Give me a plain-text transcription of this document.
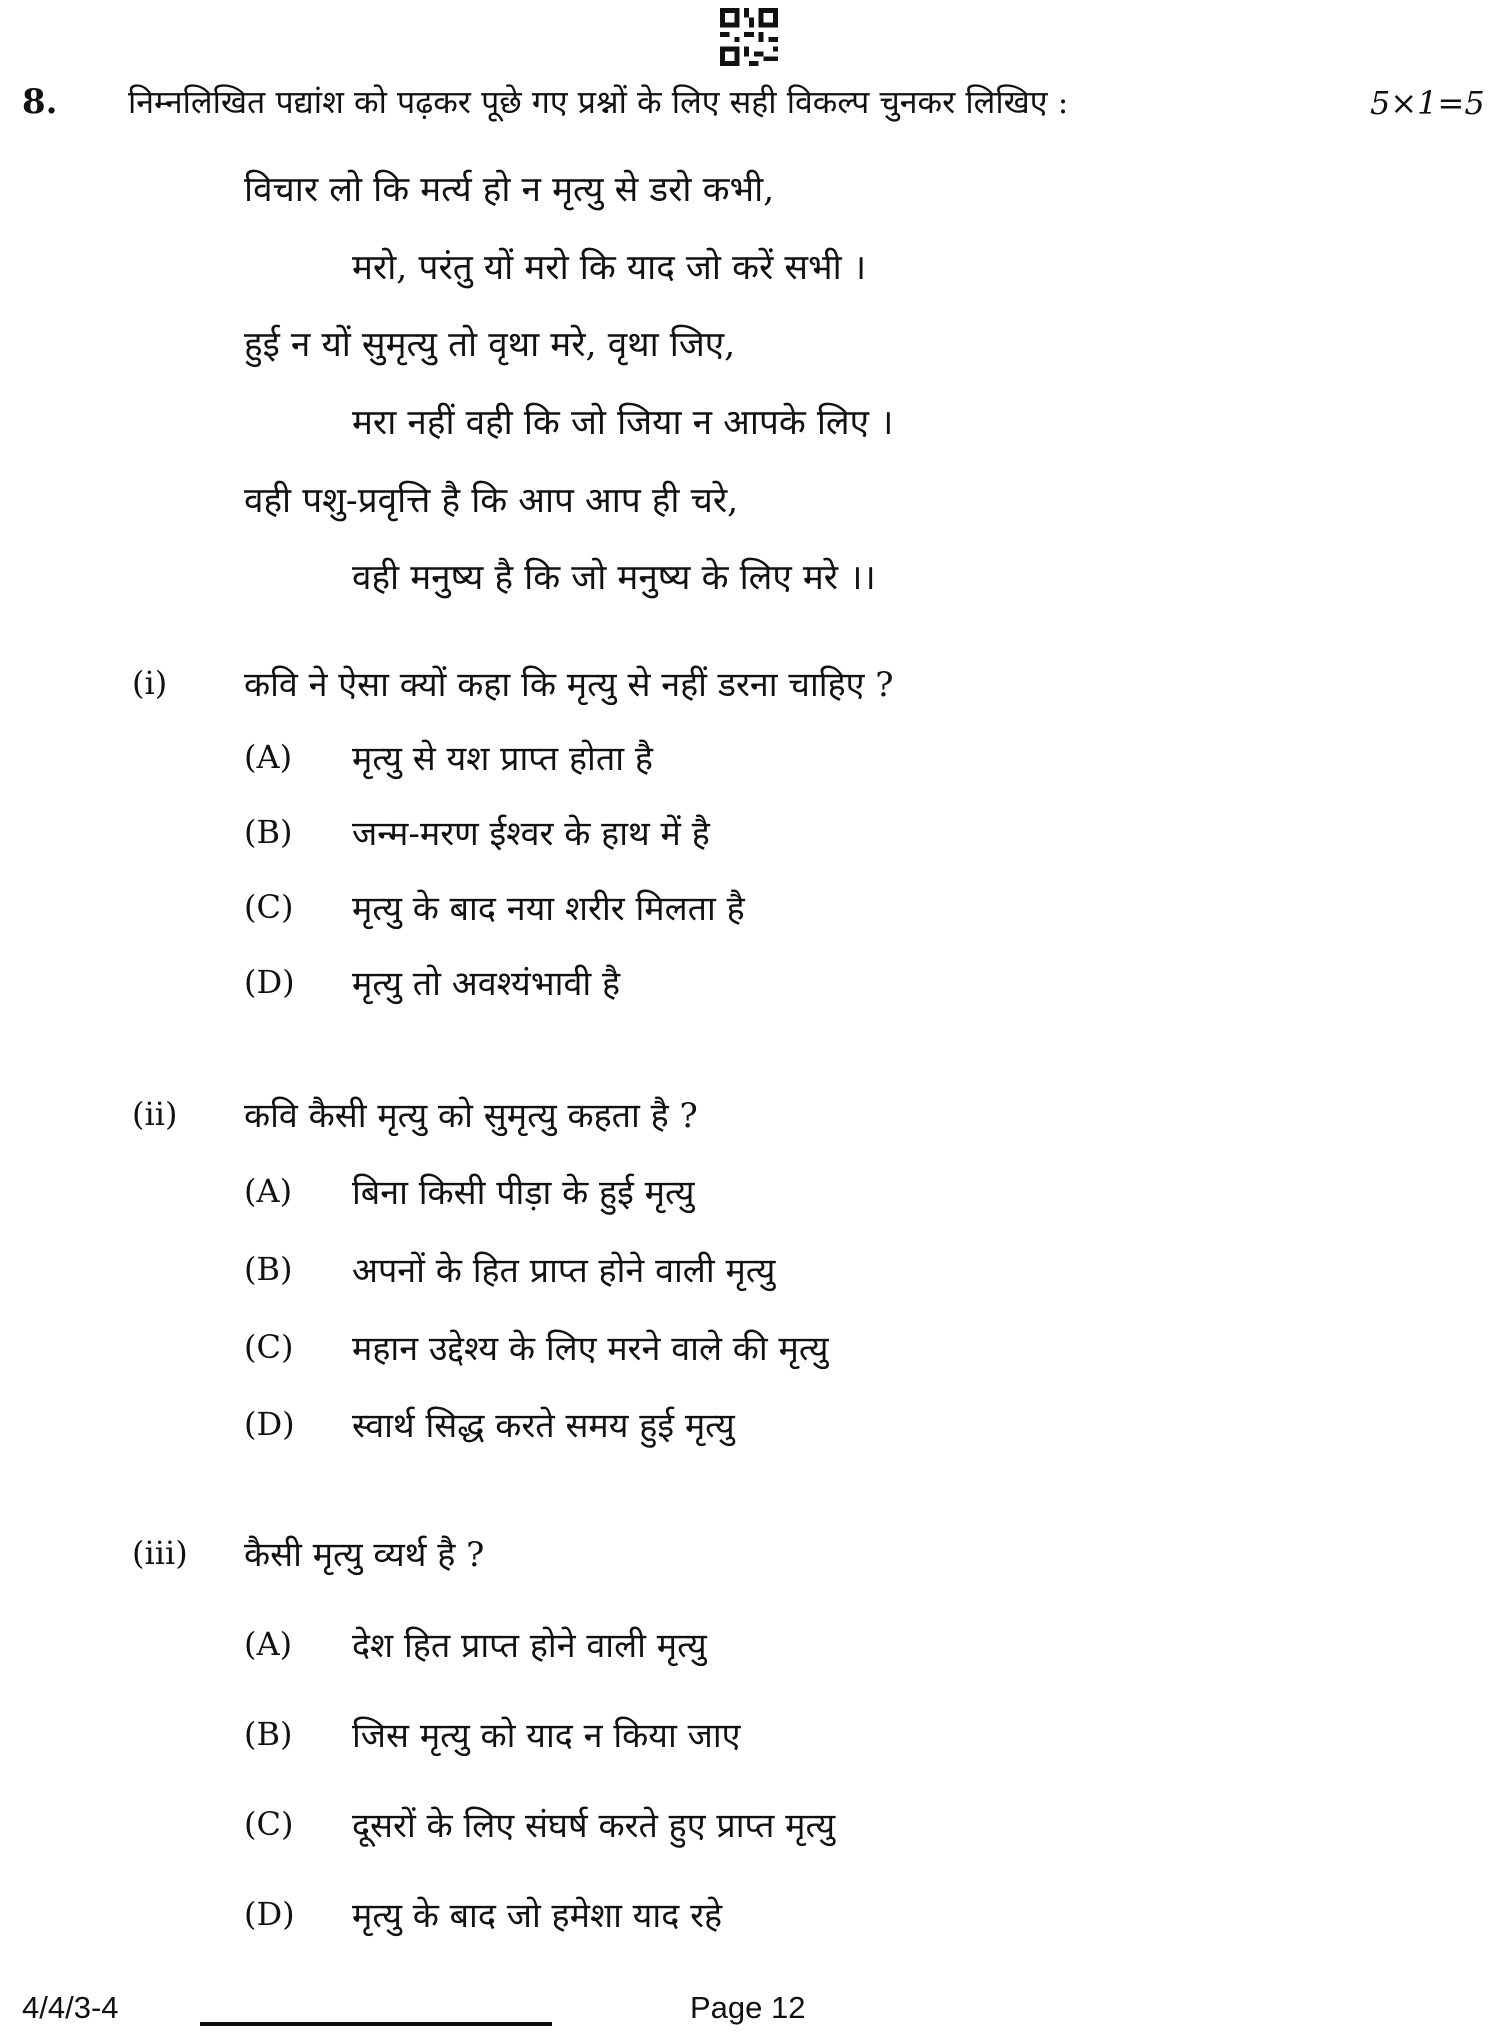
8. निम्नलिखित पद्यांश को पढ़कर पूछे गए प्रश्नों के लिए सही विकल्प चुनकर लिखिए :	5×1=5
विचार लो कि मर्त्य हो न मृत्यु से डरो कभी,
मरो, परंतु यों मरो कि याद जो करें सभी ।
हुई न यों सुमृत्यु तो वृथा मरे, वृथा जिए,
मरा नहीं वही कि जो जिया न आपके लिए ।
वही पशु-प्रवृत्ति है कि आप आप ही चरे,
वही मनुष्य है कि जो मनुष्य के लिए मरे ।।
(i) कवि ने ऐसा क्यों कहा कि मृत्यु से नहीं डरना चाहिए ?
(A) मृत्यु से यश प्राप्त होता है
(B) जन्म-मरण ईश्वर के हाथ में है
(C) मृत्यु के बाद नया शरीर मिलता है
(D) मृत्यु तो अवश्यंभावी है
(ii) कवि कैसी मृत्यु को सुमृत्यु कहता है ?
(A) बिना किसी पीड़ा के हुई मृत्यु
(B) अपनों के हित प्राप्त होने वाली मृत्यु
(C) महान उद्देश्य के लिए मरने वाले की मृत्यु
(D) स्वार्थ सिद्ध करते समय हुई मृत्यु
(iii) कैसी मृत्यु व्यर्थ है ?
(A) देश हित प्राप्त होने वाली मृत्यु
(B) जिस मृत्यु को याद न किया जाए
(C) दूसरों के लिए संघर्ष करते हुए प्राप्त मृत्यु
(D) मृत्यु के बाद जो हमेशा याद रहे
4/4/3-4	Page 12
